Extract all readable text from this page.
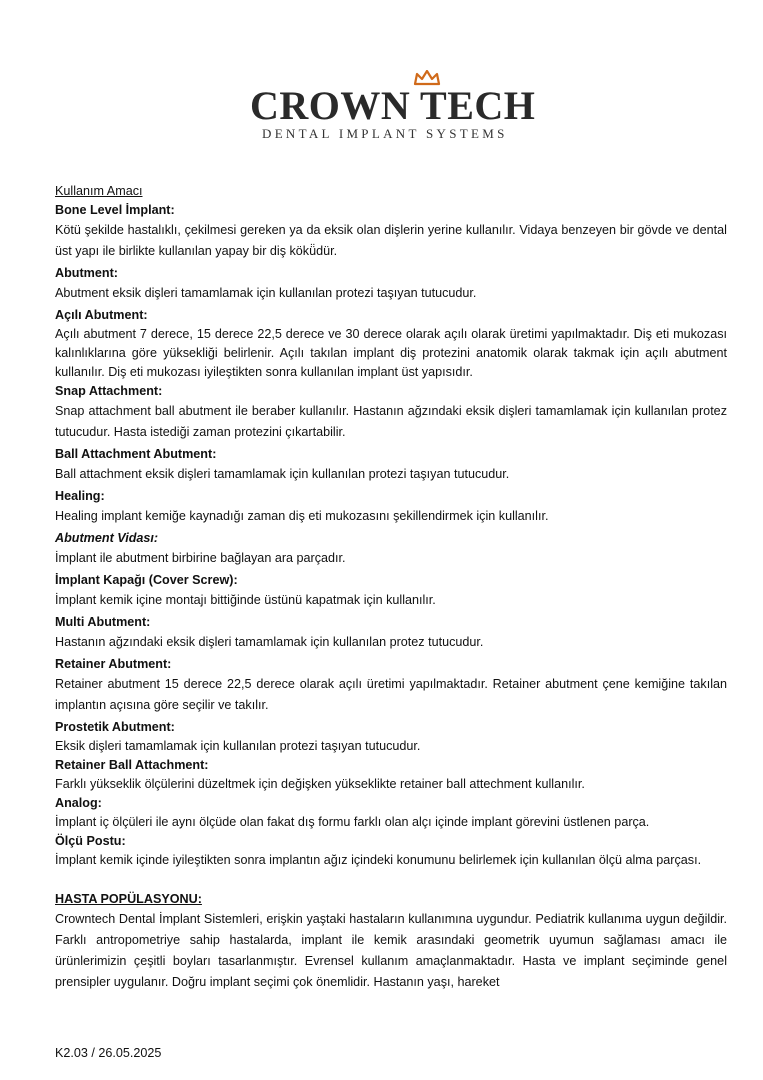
CROWN TECH
DENTAL IMPLANT SYSTEMS

Kullanım Amacı

Bone Level İmplant:

Kötü şekilde hastalıklı, çekilmesi gereken ya da eksik olan dişlerin yerine kullanılır. Vidaya benzeyen bir gövde ve dental üst yapı ile birlikte kullanılan yapay bir diş kökü̈dür.

Abutment:

Abutment eksik dişleri tamamlamak için kullanılan protezi taşıyan tutucudur.

Açılı Abutment:

Açılı abutment 7 derece, 15 derece 22,5 derece ve 30 derece olarak açılı olarak üretimi yapılmaktadır. Diş eti mukozası kalınlıklarına göre yüksekliği belirlenir. Açılı takılan implant diş protezini anatomik olarak takmak için açılı abutment kullanılır. Diş eti mukozası iyileştikten sonra kullanılan implant üst yapısıdır.

Snap Attachment:

Snap attachment ball abutment ile beraber kullanılır. Hastanın ağzındaki eksik dişleri tamamlamak için kullanılan protez tutucudur. Hasta istediği zaman protezini çıkartabilir.

Ball Attachment Abutment:

Ball attachment eksik dişleri tamamlamak için kullanılan protezi taşıyan tutucudur.

Healing:

Healing implant kemiğe kaynadığı zaman diş eti mukozasını şekillendirmek için kullanılır.

Abutment Vidası:

İmplant ile abutment birbirine bağlayan ara parçadır.

İmplant Kapağı (Cover Screw):

İmplant kemik içine montajı bittiğinde üstünü kapatmak için kullanılır.

Multi Abutment:

Hastanın ağzındaki eksik dişleri tamamlamak için kullanılan protez tutucudur.

Retainer Abutment:

Retainer abutment 15 derece 22,5 derece olarak açılı üretimi yapılmaktadır. Retainer abutment çene kemiğine takılan implantın açısına göre seçilir ve takılır.

Prostetik Abutment:

Eksik dişleri tamamlamak için kullanılan protezi taşıyan tutucudur.

Retainer Ball Attachment:

Farklı yükseklik ölçülerini düzeltmek için değişken yükseklikte retainer ball attechment kullanılır.

Analog:

İmplant iç ölçüleri ile aynı ölçüde olan fakat dış formu farklı olan alçı içinde implant görevini üstlenen parça.

Ölçü Postu:

İmplant kemik içinde iyileştikten sonra implantın ağız içindeki konumunu belirlemek için kullanılan ölçü alma parçası.

HASTA POPÜLASYONU:

Crowntech Dental İmplant Sistemleri, erişkin yaştaki hastaların kullanımına uygundur. Pediatrik kullanıma uygun değildir. Farklı antropometriye sahip hastalarda, implant ile kemik arasındaki geometrik uyumun sağlaması amacı ile ürünlerimizin çeşitli boyları tasarlanmıştır. Evrensel kullanım amaçlanmaktadır. Hasta ve implant seçiminde genel prensipler uygulanır. Doğru implant seçimi çok önemlidir. Hastanın yaşı, hareket

K2.03 / 26.05.2025
